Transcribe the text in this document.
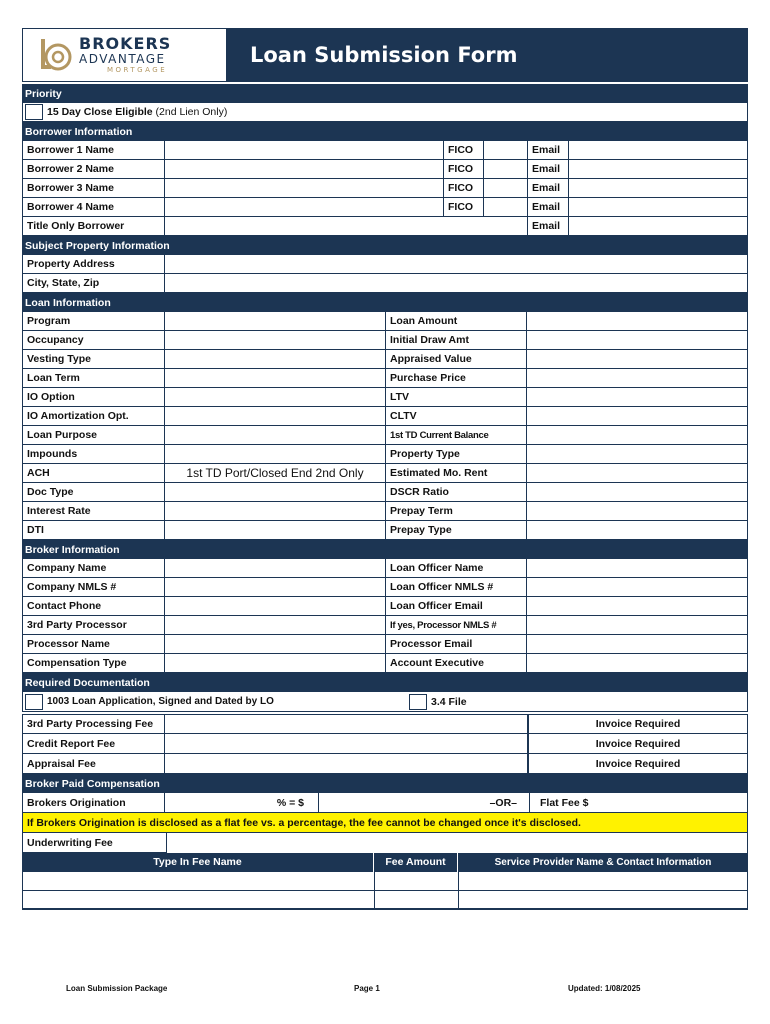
BROKERS
ADVANTAGE
MORTGAGE
Loan Submission Form
Priority
15 Day Close Eligible (2nd Lien Only)
Borrower Information
Borrower 1 Name	FICO	Email
Borrower 2 Name	FICO	Email
Borrower 3 Name	FICO	Email
Borrower 4 Name	FICO	Email
Title Only Borrower	Email
Subject Property Information
Property Address
City, State, Zip
Loan Information
Program	Loan Amount
Occupancy	Initial Draw Amt
Vesting Type	Appraised Value
Loan Term	Purchase Price
IO Option	LTV
IO Amortization Opt.	CLTV
Loan Purpose	1st TD Current Balance
Impounds	Property Type
ACH	1st TD Port/Closed End 2nd Only	Estimated Mo. Rent
Doc Type	DSCR Ratio
Interest Rate	Prepay Term
DTI	Prepay Type
Broker Information
Company Name	Loan Officer Name
Company NMLS #	Loan Officer NMLS #
Contact Phone	Loan Officer Email
3rd Party Processor	If yes, Processor NMLS #
Processor Name	Processor Email
Compensation Type	Account Executive
Required Documentation
1003 Loan Application, Signed and Dated by LO	3.4 File
3rd Party Processing Fee	Invoice Required
Credit Report Fee	Invoice Required
Appraisal Fee	Invoice Required
Broker Paid Compensation
Brokers Origination	% = $	–OR– Flat Fee $
If Brokers Origination is disclosed as a flat fee vs. a percentage, the fee cannot be changed once it's disclosed.
Underwriting Fee
Type In Fee Name	Fee Amount	Service Provider Name & Contact Information
Loan Submission Package	Page 1	Updated: 1/08/2025
